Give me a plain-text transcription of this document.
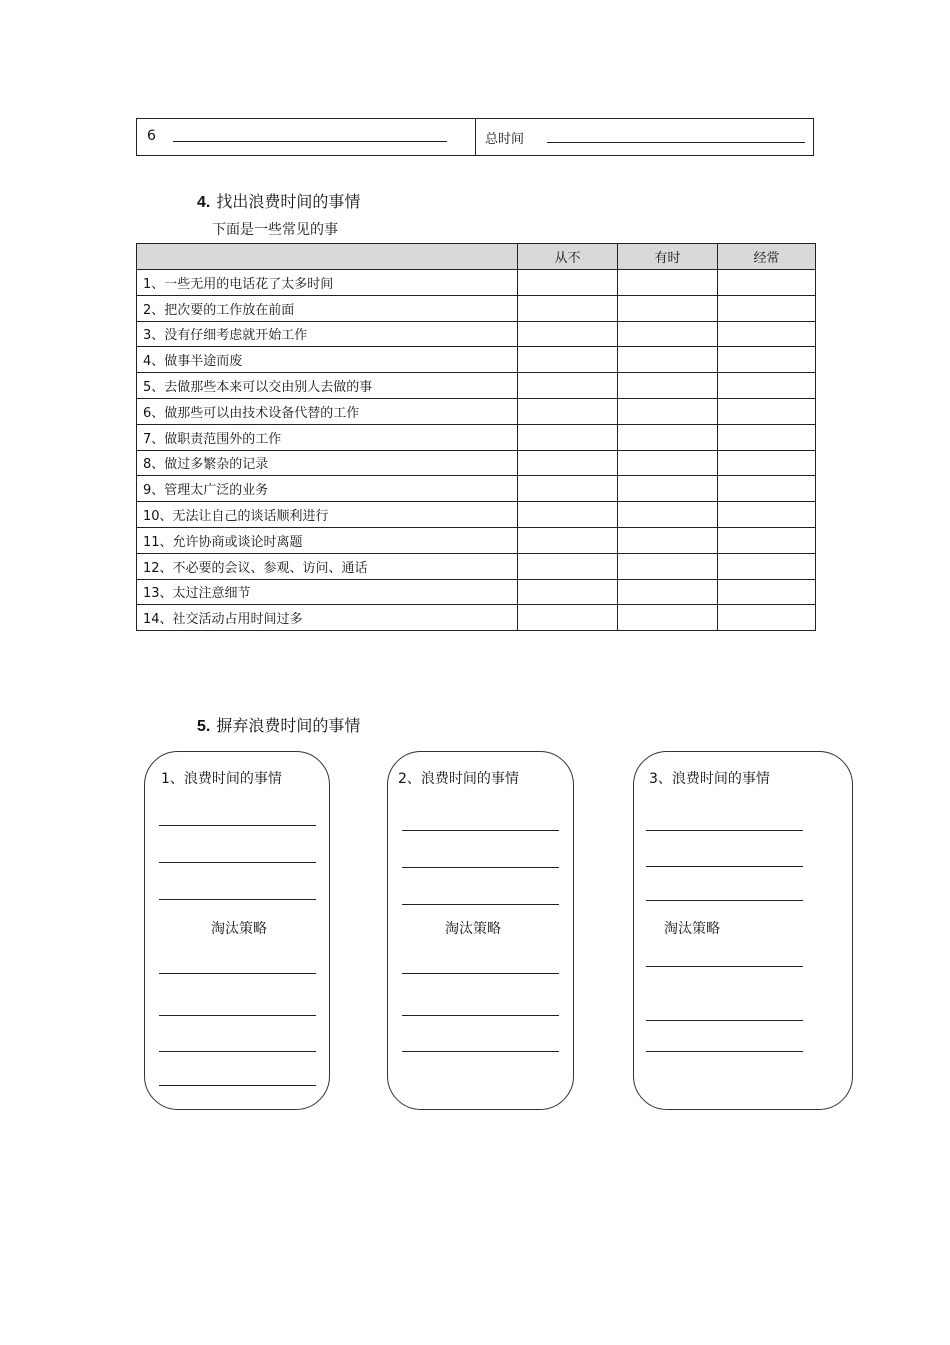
6	总时间
4. 找出浪费时间的事情
下面是一些常见的事
	从不	有时	经常
1、一些无用的电话花了太多时间			
2、把次要的工作放在前面			
3、没有仔细考虑就开始工作			
4、做事半途而废			
5、去做那些本来可以交由别人去做的事			
6、做那些可以由技术设备代替的工作			
7、做职责范围外的工作			
8、做过多繁杂的记录			
9、管理太广泛的业务			
10、无法让自己的谈话顺利进行			
11、允许协商或谈论时离题			
12、不必要的会议、参观、访问、通话			
13、太过注意细节			
14、社交活动占用时间过多			
5. 摒弃浪费时间的事情
1、浪费时间的事情
淘汰策略
2、浪费时间的事情
淘汰策略
3、浪费时间的事情
淘汰策略
